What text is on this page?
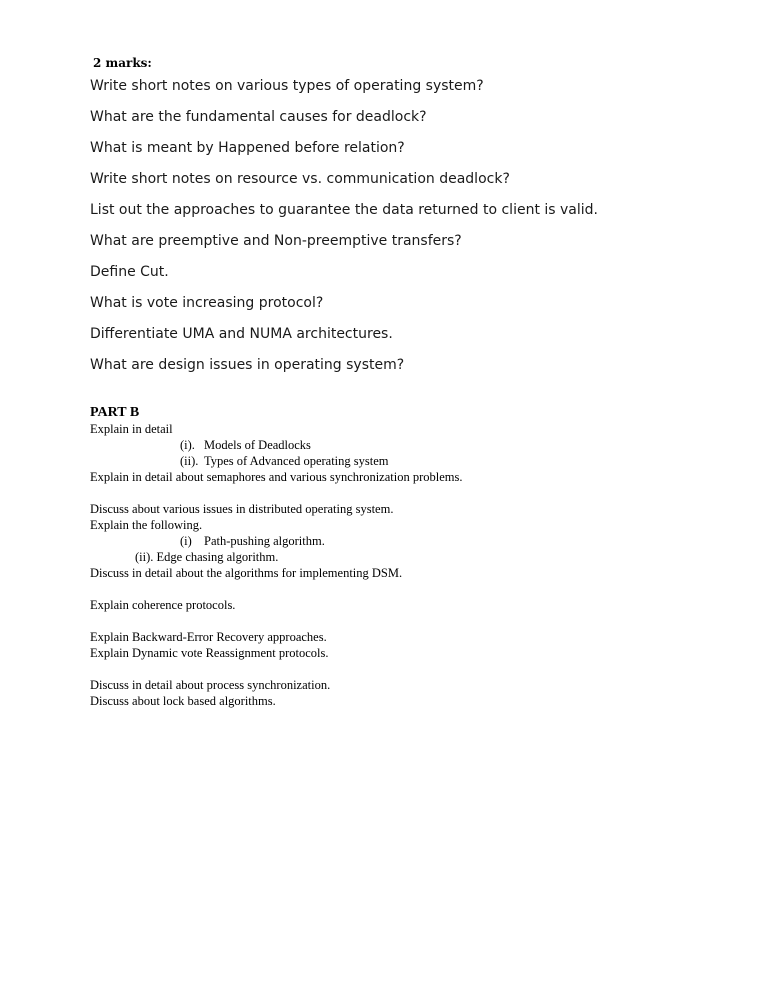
2 marks:

Write short notes on various types of operating system?
What are the fundamental causes for deadlock?
What is meant by Happened before relation?
Write short notes on resource vs. communication deadlock?
List out the approaches to guarantee the data returned to client is valid.
What are preemptive and Non-preemptive transfers?
Define Cut.
What is vote increasing protocol?
Differentiate UMA and NUMA architectures.
What are design issues in operating system?
PART B
Explain in detail
(i). Models of Deadlocks
(ii). Types of Advanced operating system
Explain in detail about semaphores and various synchronization problems.
Discuss about various issues in distributed operating system.
Explain the following.
(i) Path-pushing algorithm.
(ii). Edge chasing algorithm.
Discuss in detail about the algorithms for implementing DSM.
Explain coherence protocols.
Explain Backward-Error Recovery approaches.
Explain Dynamic vote Reassignment protocols.
Discuss in detail about process synchronization.
Discuss about lock based algorithms.
